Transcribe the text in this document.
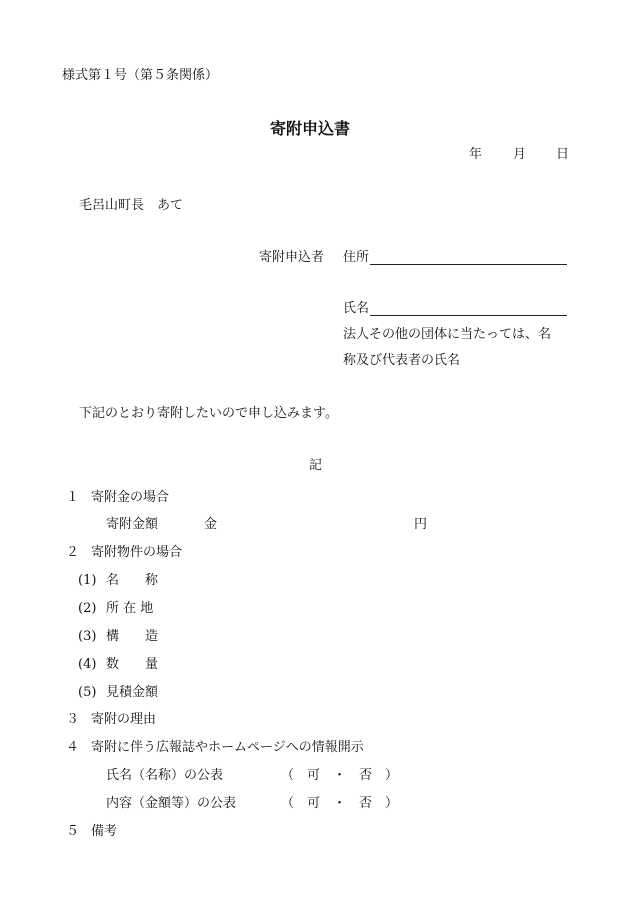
様式第１号（第５条関係）
寄附申込書
年 月 日
毛呂山町長　あて
寄附申込者 住所
氏名
法人その他の団体に当たっては、名
称及び代表者の氏名
下記のとおり寄附したいので申し込みます。
記
１ 寄附金の場合
寄附金額	金	円
２ 寄附物件の場合
(1) 名　　称
(2) 所 在 地
(3) 構　　造
(4) 数　　量
(5) 見積金額
３ 寄附の理由
４ 寄附に伴う広報誌やホームページへの情報開示
氏名（名称）の公表	（　可　・　否　）
内容（金額等）の公表	（　可　・　否　）
５ 備考
